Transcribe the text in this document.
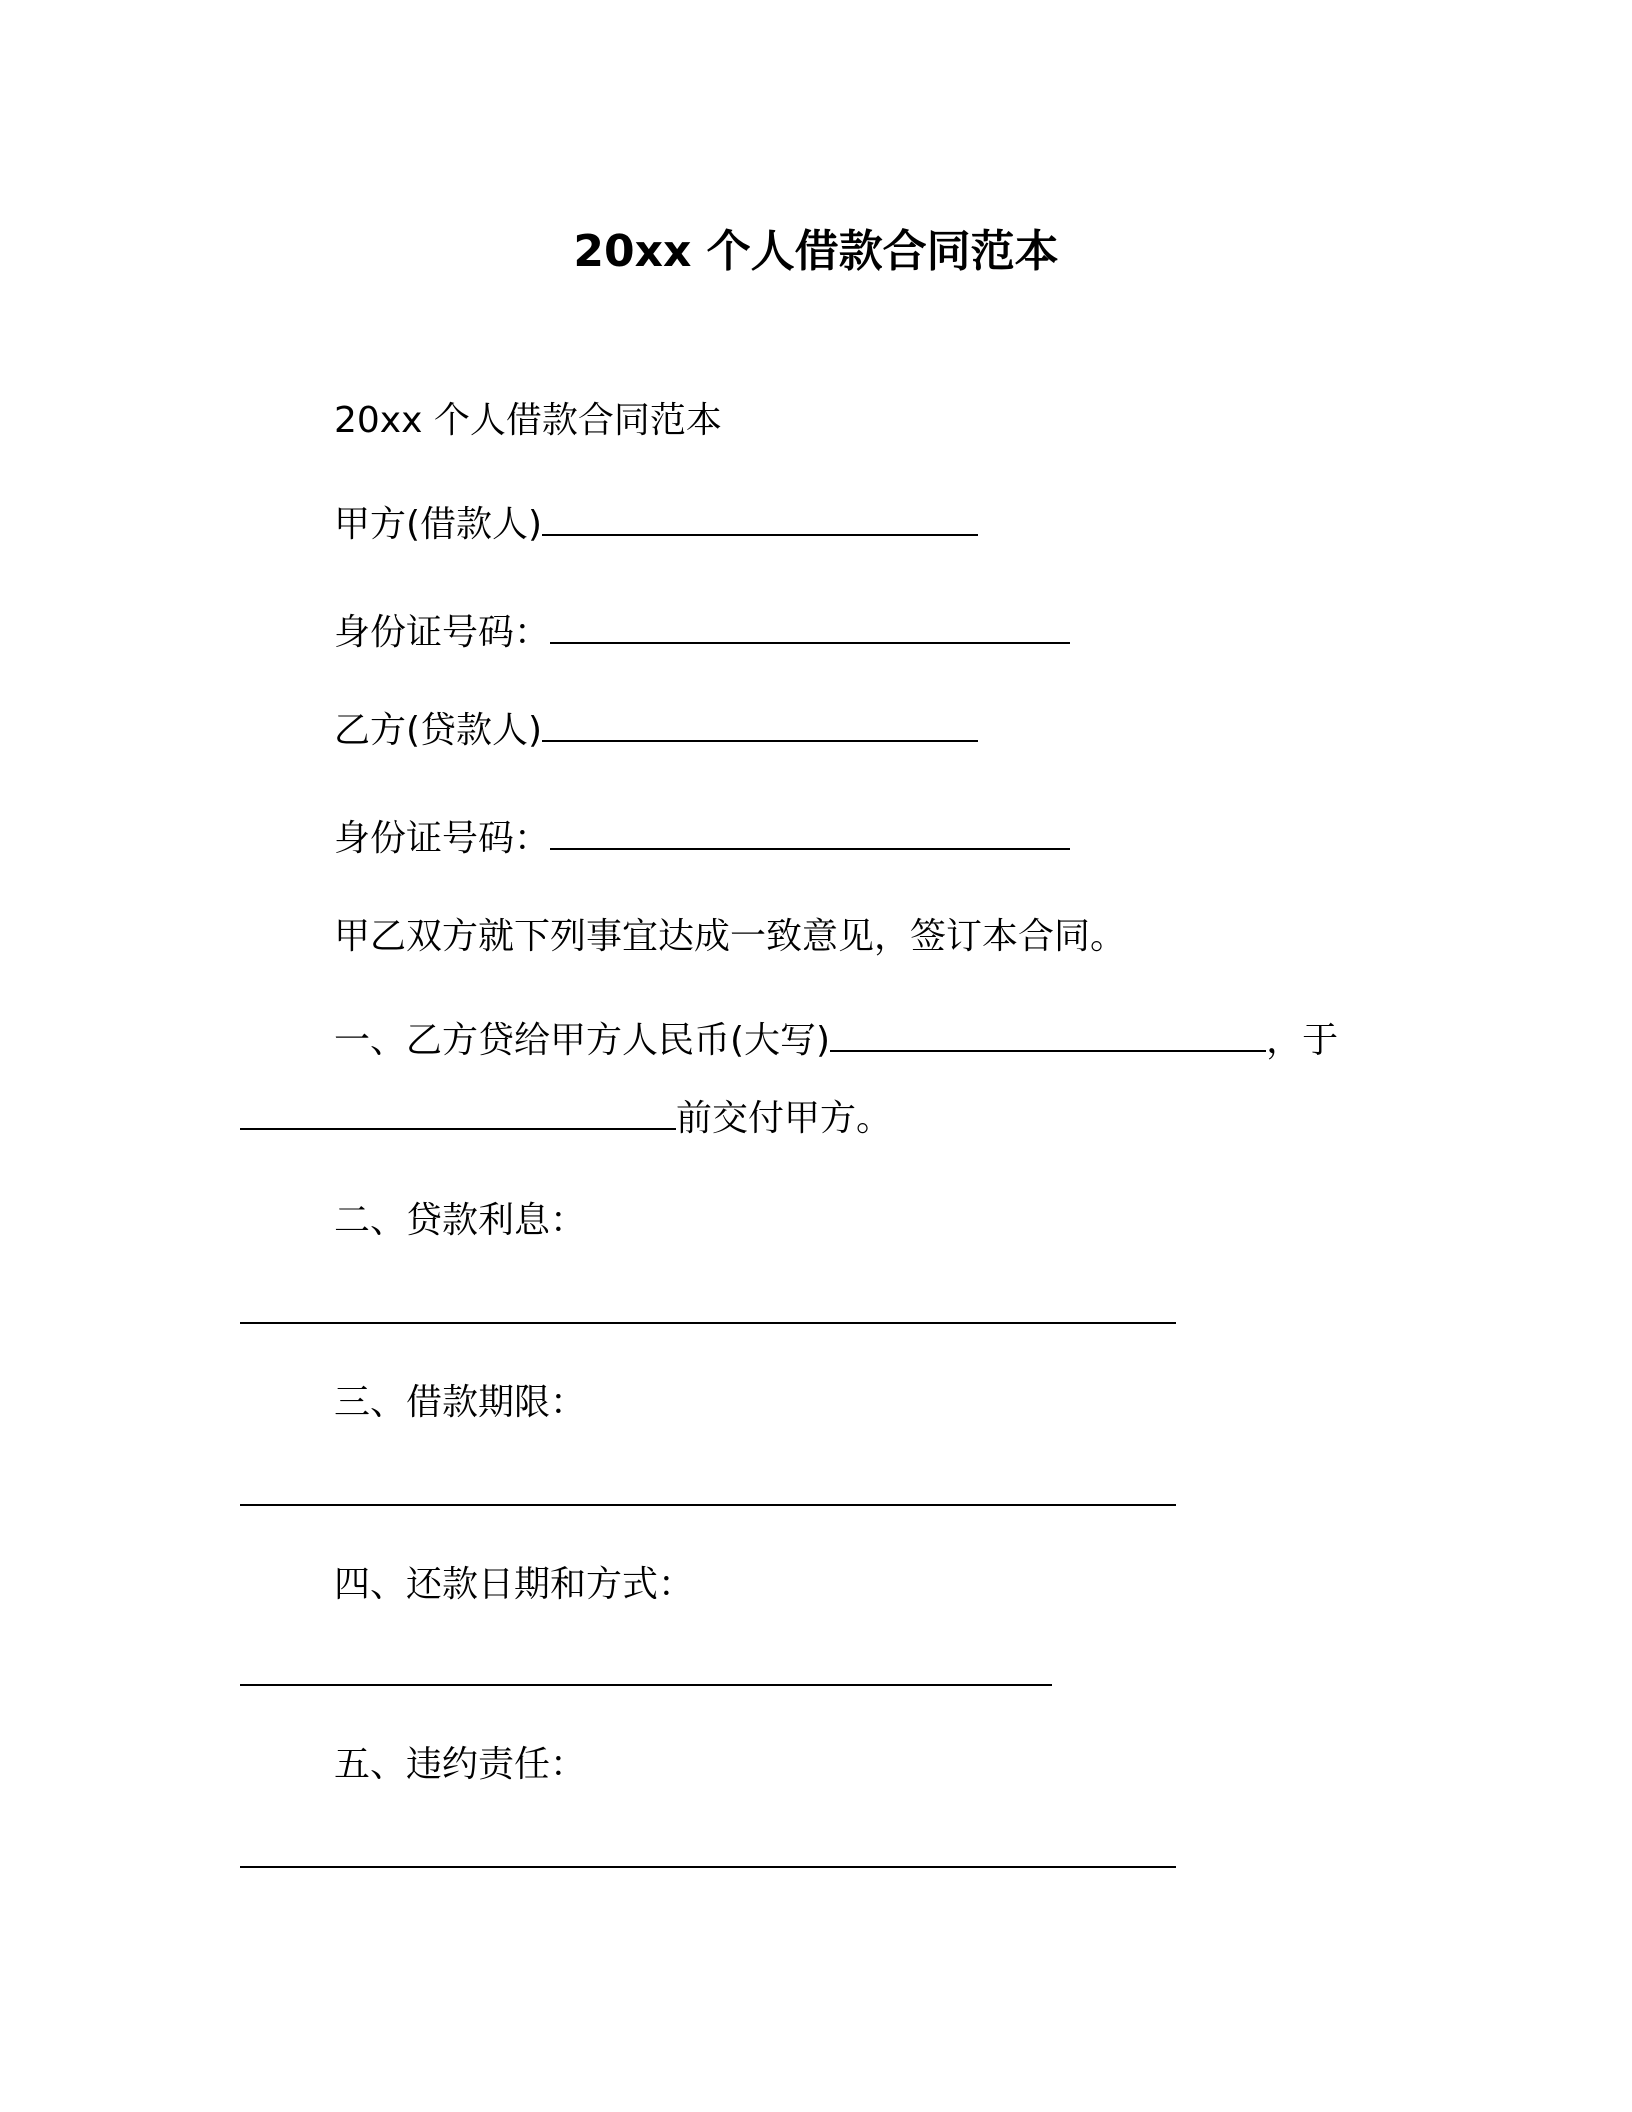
20xx 个人借款合同范本
20xx 个人借款合同范本
甲方(借款人)
身份证号码：
乙方(贷款人)
身份证号码：
甲乙双方就下列事宜达成一致意见，签订本合同。
一、乙方贷给甲方人民币(大写)	，于
前交付甲方。
二、贷款利息：
三、借款期限：
四、还款日期和方式：
五、违约责任：
